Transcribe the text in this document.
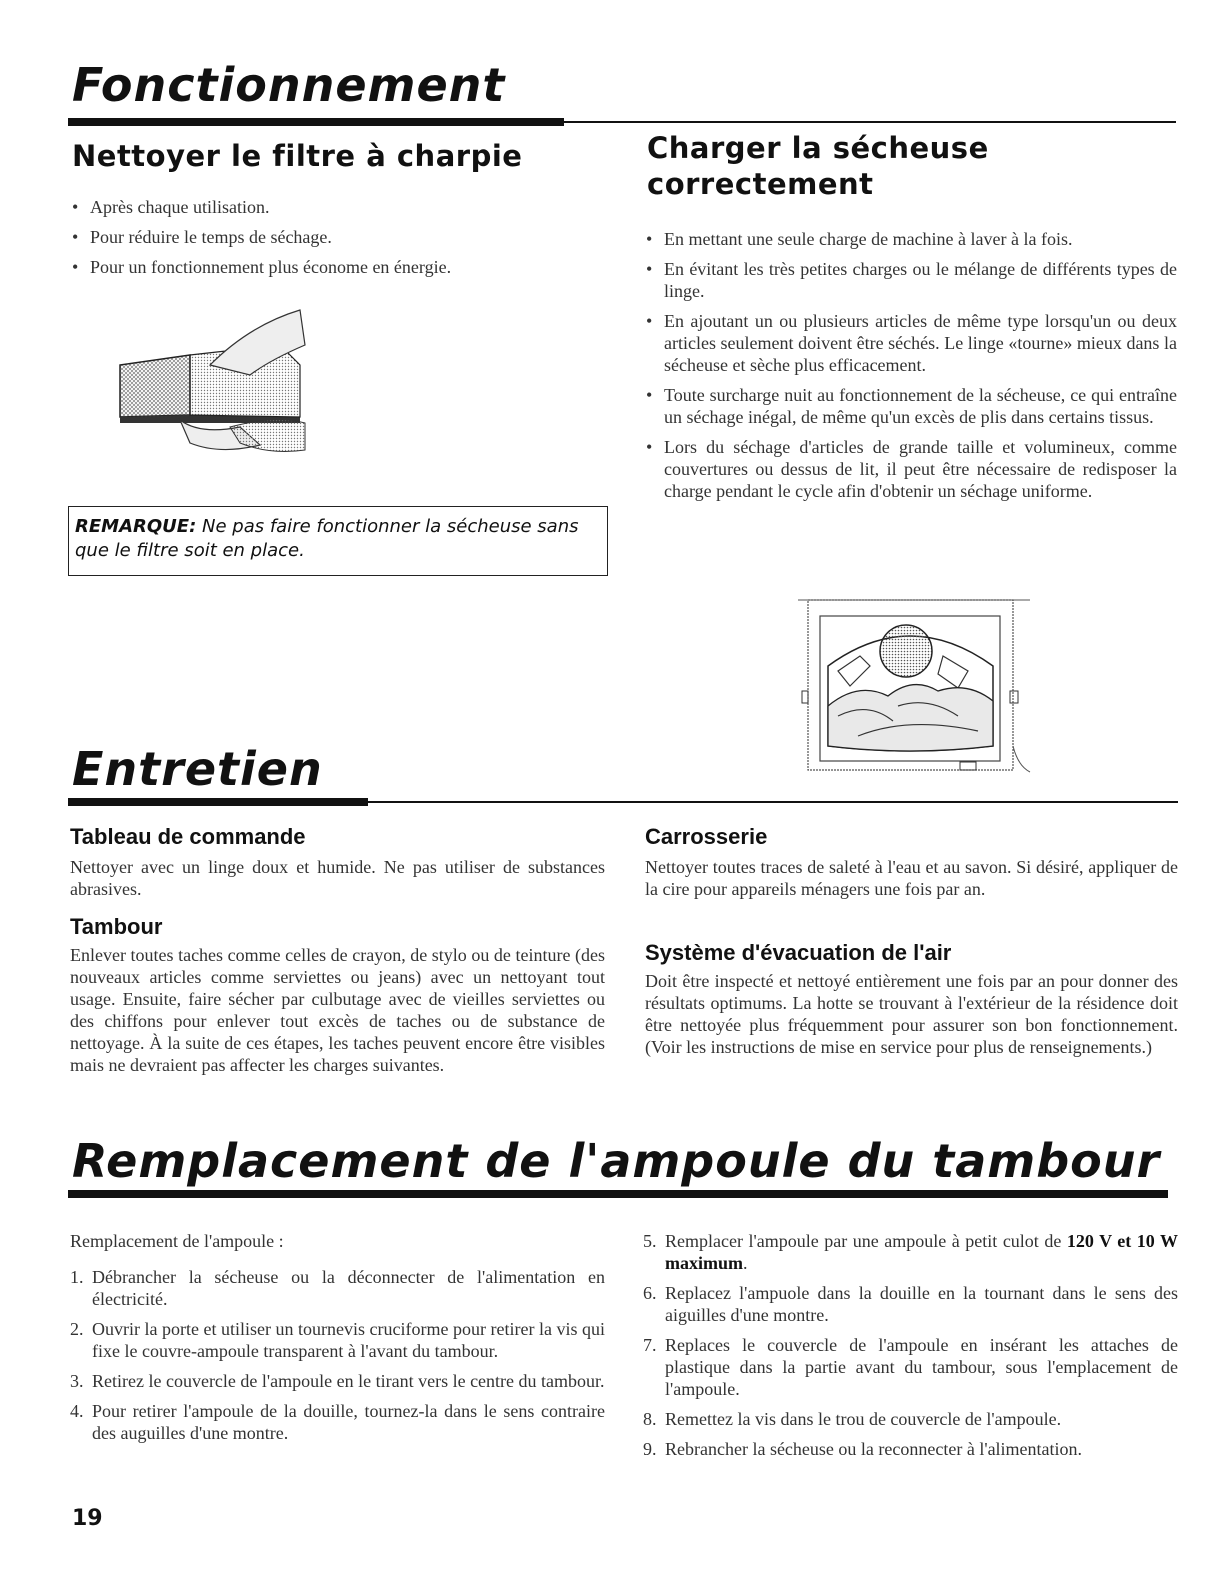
Fonctionnement
Nettoyer le filtre à charpie
• Après chaque utilisation.
• Pour réduire le temps de séchage.
• Pour un fonctionnement plus économe en énergie.
REMARQUE: Ne pas faire fonctionner la sécheuse sans que le filtre soit en place.
Charger la sécheuse correctement
• En mettant une seule charge de machine à laver à la fois.
• En évitant les très petites charges ou le mélange de différents types de linge.
• En ajoutant un ou plusieurs articles de même type lorsqu'un ou deux articles seulement doivent être séchés. Le linge «tourne» mieux dans la sécheuse et sèche plus efficacement.
• Toute surcharge nuit au fonctionnement de la sécheuse, ce qui entraîne un séchage inégal, de même qu'un excès de plis dans certains tissus.
• Lors du séchage d'articles de grande taille et volumineux, comme couvertures ou dessus de lit, il peut être nécessaire de redisposer la charge pendant le cycle afin d'obtenir un séchage uniforme.
Entretien
Tableau de commande
Nettoyer avec un linge doux et humide. Ne pas utiliser de substances abrasives.
Tambour
Enlever toutes taches comme celles de crayon, de stylo ou de teinture (des nouveaux articles comme serviettes ou jeans) avec un nettoyant tout usage. Ensuite, faire sécher par culbutage avec de vieilles serviettes ou des chiffons pour enlever tout excès de taches ou de substance de nettoyage. À la suite de ces étapes, les taches peuvent encore être visibles mais ne devraient pas affecter les charges suivantes.
Carrosserie
Nettoyer toutes traces de saleté à l'eau et au savon. Si désiré, appliquer de la cire pour appareils ménagers une fois par an.
Système d'évacuation de l'air
Doit être inspecté et nettoyé entièrement une fois par an pour donner des résultats optimums. La hotte se trouvant à l'extérieur de la résidence doit être nettoyée plus fréquemment pour assurer son bon fonctionnement. (Voir les instructions de mise en service pour plus de renseignements.)
Remplacement de l'ampoule du tambour
Remplacement de l'ampoule :
1. Débrancher la sécheuse ou la déconnecter de l'alimentation en électricité.
2. Ouvrir la porte et utiliser un tournevis cruciforme pour retirer la vis qui fixe le couvre-ampoule transparent à l'avant du tambour.
3. Retirez le couvercle de l'ampoule en le tirant vers le centre du tambour.
4. Pour retirer l'ampoule de la douille, tournez-la dans le sens contraire des auguilles d'une montre.
5. Remplacer l'ampoule par une ampoule à petit culot de 120 V et 10 W maximum.
6. Replacez l'ampuole dans la douille en la tournant dans le sens des aiguilles d'une montre.
7. Replaces le couvercle de l'ampoule en insérant les attaches de plastique dans la partie avant du tambour, sous l'emplacement de l'ampoule.
8. Remettez la vis dans le trou de couvercle de l'ampoule.
9. Rebrancher la sécheuse ou la reconnecter à l'alimentation.
19
